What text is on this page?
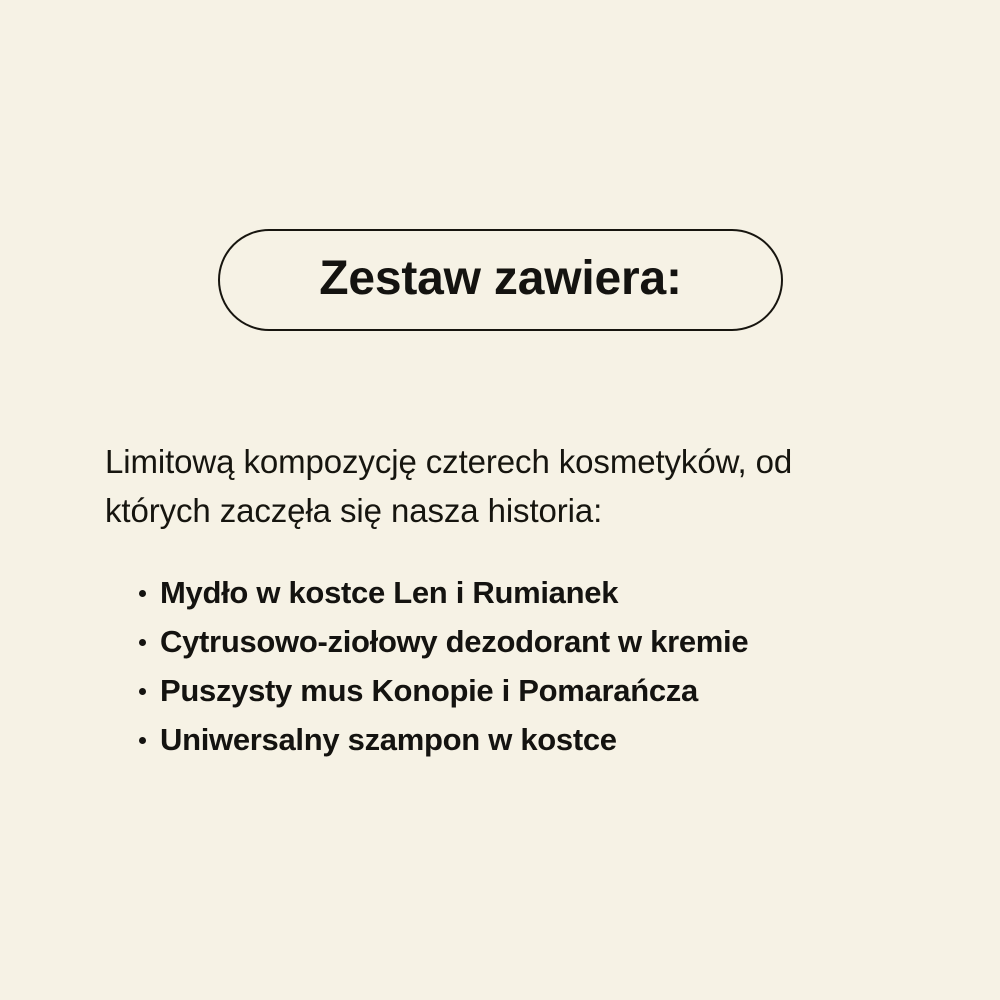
Zestaw zawiera:

Limitową kompozycję czterech kosmetyków, od których zaczęła się nasza historia:

Mydło w kostce Len i Rumianek
Cytrusowo-ziołowy dezodorant w kremie
Puszysty mus Konopie i Pomarańcza
Uniwersalny szampon w kostce
